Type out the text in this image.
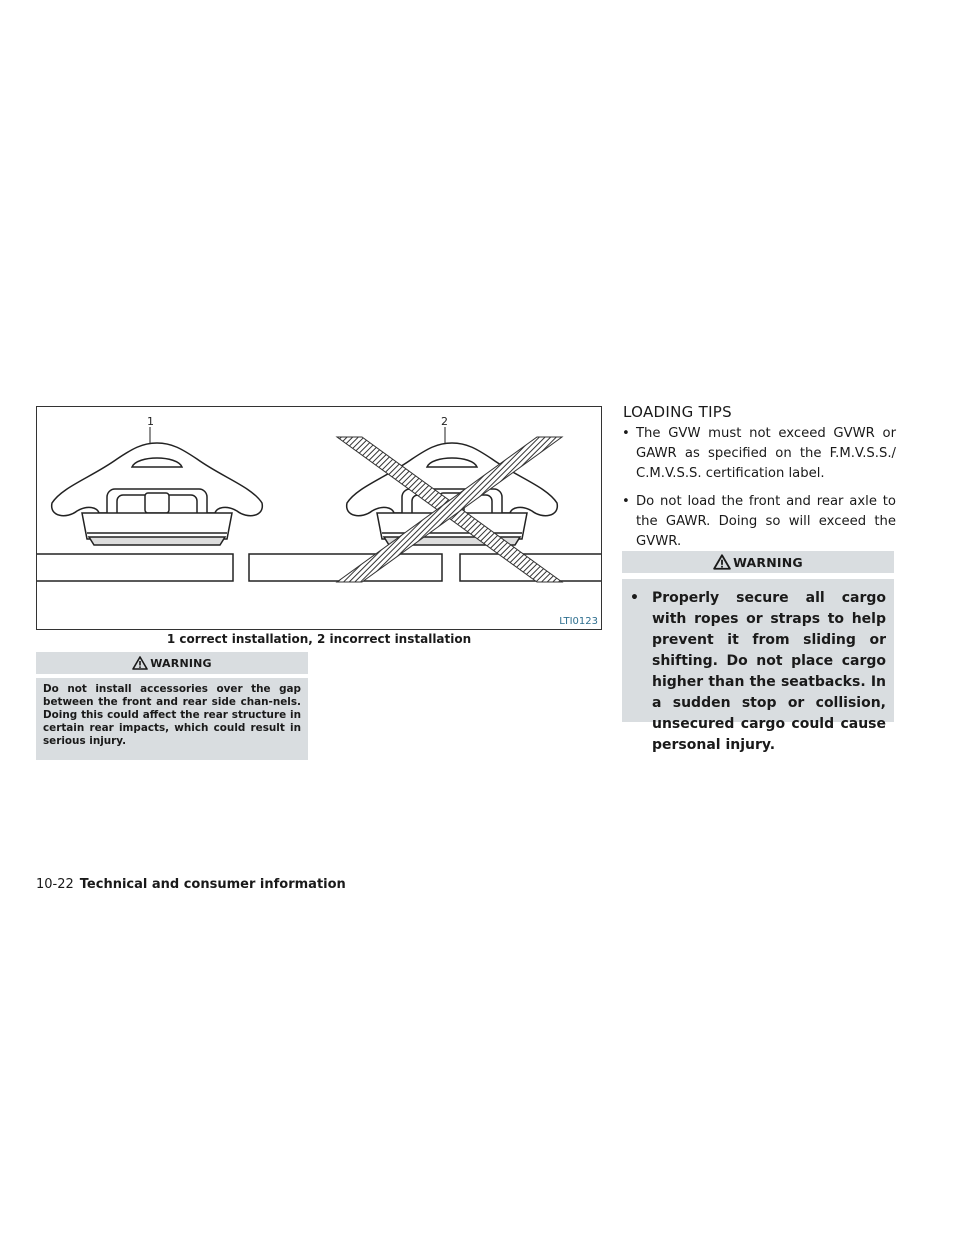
1	2
LTI0123
1 correct installation, 2 incorrect installation
WARNING
Do not install accessories over the gap between the front and rear side chan-nels. Doing this could affect the rear structure in certain rear impacts, which could result in serious injury.
LOADING TIPS
• The GVW must not exceed GVWR or GAWR as specified on the F.M.V.S.S./ C.M.V.S.S. certification label.
• Do not load the front and rear axle to the GAWR. Doing so will exceed the GVWR.
WARNING
• Properly secure all cargo with ropes or straps to help prevent it from sliding or shifting. Do not place cargo higher than the seatbacks. In a sudden stop or collision, unsecured cargo could cause personal injury.
10-22 Technical and consumer information
